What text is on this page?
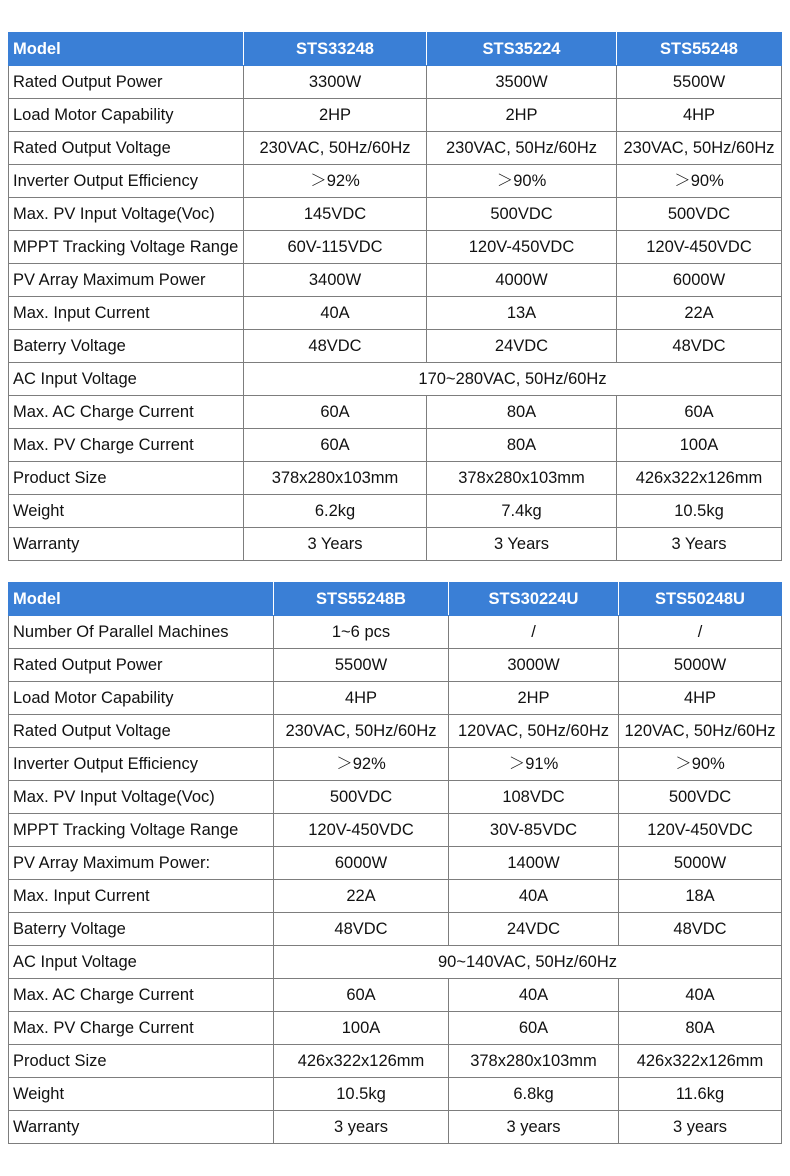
Model	STS33248	STS35224	STS55248
Rated Output Power	3300W	3500W	5500W
Load Motor Capability	2HP	2HP	4HP
Rated Output Voltage	230VAC, 50Hz/60Hz	230VAC, 50Hz/60Hz	230VAC, 50Hz/60Hz
Inverter Output Efficiency	＞92%	＞90%	＞90%
Max. PV Input Voltage(Voc)	145VDC	500VDC	500VDC
MPPT Tracking Voltage Range	60V-115VDC	120V-450VDC	120V-450VDC
PV Array Maximum Power	3400W	4000W	6000W
Max. Input Current	40A	13A	22A
Baterry Voltage	48VDC	24VDC	48VDC
AC Input Voltage	170~280VAC, 50Hz/60Hz		
Max. AC Charge Current	60A	80A	60A
Max. PV Charge Current	60A	80A	100A
Product Size	378x280x103mm	378x280x103mm	426x322x126mm
Weight	6.2kg	7.4kg	10.5kg
Warranty	3 Years	3 Years	3 Years
Model	STS55248B	STS30224U	STS50248U
Number Of Parallel Machines	1~6 pcs	/	/
Rated Output Power	5500W	3000W	5000W
Load Motor Capability	4HP	2HP	4HP
Rated Output Voltage	230VAC, 50Hz/60Hz	120VAC, 50Hz/60Hz	120VAC, 50Hz/60Hz
Inverter Output Efficiency	＞92%	＞91%	＞90%
Max. PV Input Voltage(Voc)	500VDC	108VDC	500VDC
MPPT Tracking Voltage Range	120V-450VDC	30V-85VDC	120V-450VDC
PV Array Maximum Power:	6000W	1400W	5000W
Max. Input Current	22A	40A	18A
Baterry Voltage	48VDC	24VDC	48VDC
AC Input Voltage	90~140VAC, 50Hz/60Hz		
Max. AC Charge Current	60A	40A	40A
Max. PV Charge Current	100A	60A	80A
Product Size	426x322x126mm	378x280x103mm	426x322x126mm
Weight	10.5kg	6.8kg	11.6kg
Warranty	3 years	3 years	3 years
